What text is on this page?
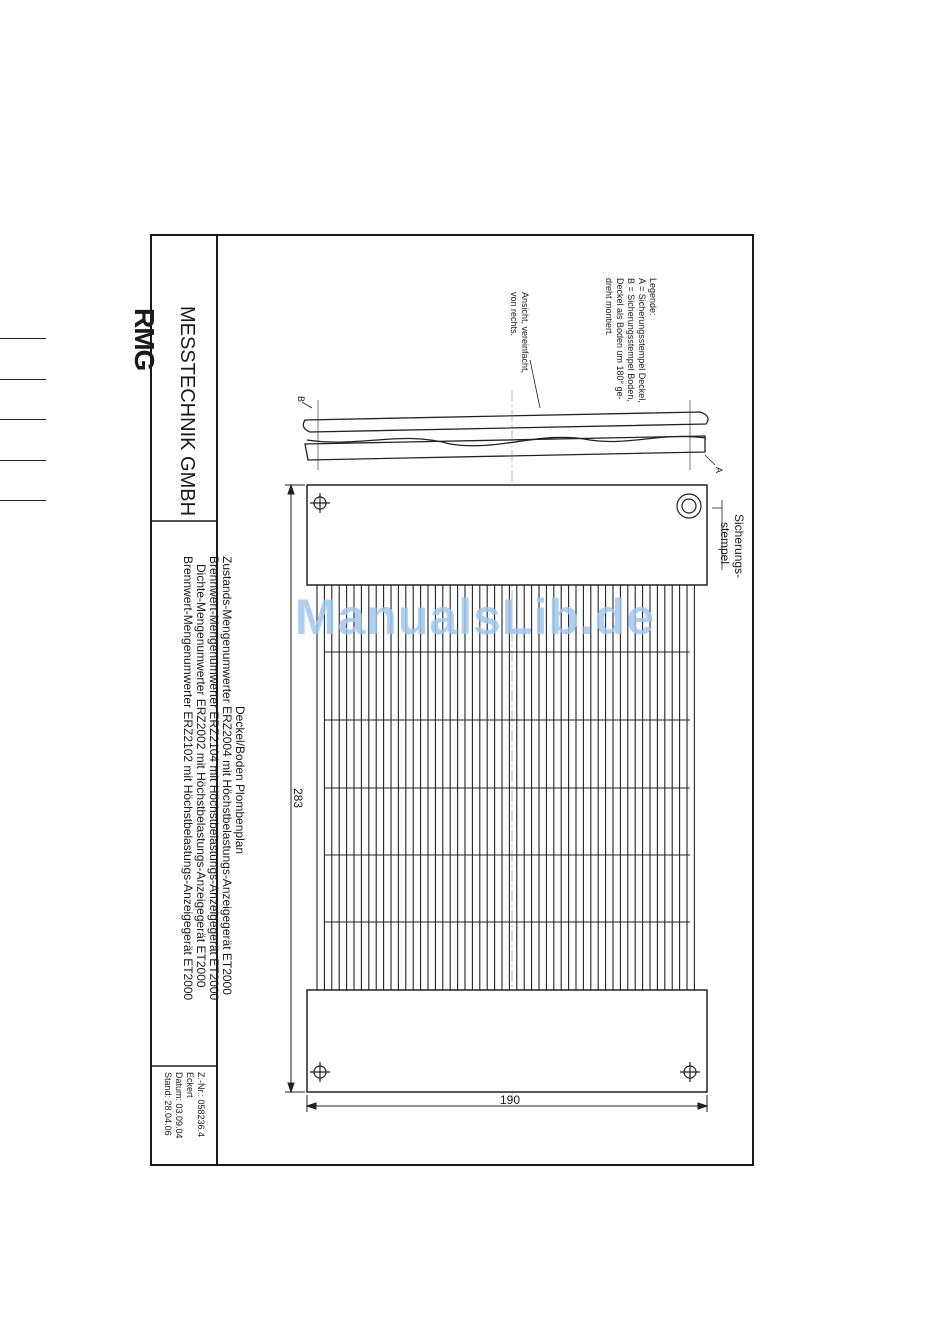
RMG MESSTECHNIK GMBH
Legende:
A = Sicherungsstempel Deckel,
B = Sicherungsstempel Boden,
Deckel als Boden um 180° ge-
dreht montiert.
Ansicht, vereinfacht,
von rechts.
A
B
Sicherungs-
stempel
283
190
Deckel/Boden Plombenplan
Zustands-Mengenumwerter ERZ2004 mit Höchstbelastungs-Anzeigegerät ET2000
Brennwert-Mengenumwerter ERZ2104 mit Höchstbelastungs-Anzeigegerät ET2000
Dichte-Mengenumwerter ERZ2002 mit Höchstbelastungs-Anzeigegerät ET2000
Brennwert-Mengenumwerter ERZ2102 mit Höchstbelastungs-Anzeigegerät ET2000
Z.-Nr.: 058236.4
Eckert
Datum: 03.09.04
Stand: 28.04.06
ManualsLib.de
